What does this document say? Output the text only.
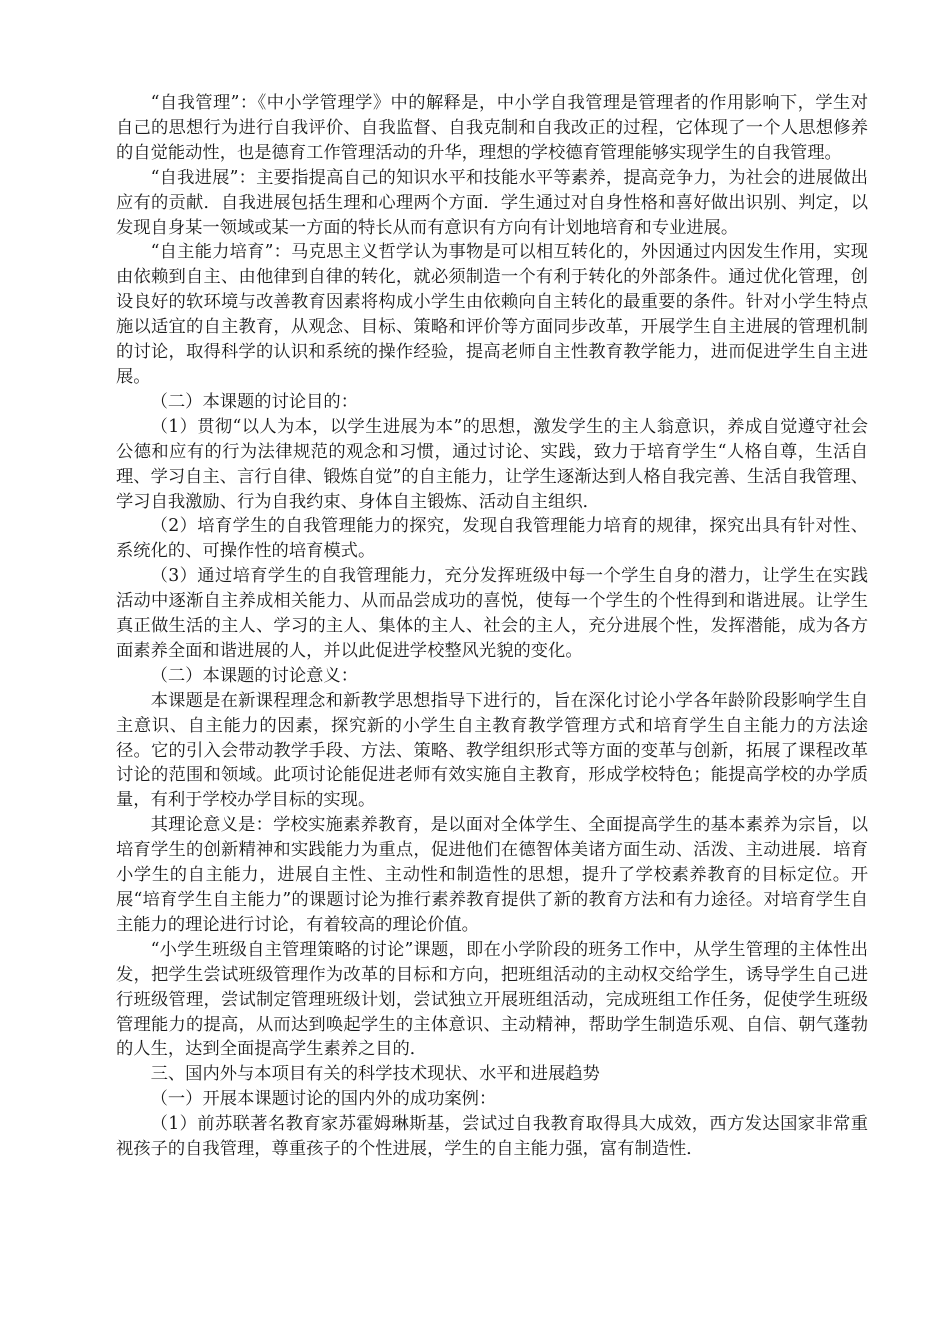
“自我管理”：《中小学管理学》中的解释是，中小学自我管理是管理者的作用影响下，学生对自己的思想行为进行自我评价、自我监督、自我克制和自我改正的过程，它体现了一个人思想修养的自觉能动性，也是德育工作管理活动的升华，理想的学校德育管理能够实现学生的自我管理。

“自我进展”：主要指提高自己的知识水平和技能水平等素养，提高竞争力，为社会的进展做出应有的贡献．自我进展包括生理和心理两个方面．学生通过对自身性格和喜好做出识别、判定，以发现自身某一领域或某一方面的特长从而有意识有方向有计划地培育和专业进展。

“自主能力培育”：马克思主义哲学认为事物是可以相互转化的，外因通过内因发生作用，实现由依赖到自主、由他律到自律的转化，就必须制造一个有利于转化的外部条件。通过优化管理，创设良好的软环境与改善教育因素将构成小学生由依赖向自主转化的最重要的条件。针对小学生特点施以适宜的自主教育，从观念、目标、策略和评价等方面同步改革，开展学生自主进展的管理机制的讨论，取得科学的认识和系统的操作经验，提高老师自主性教育教学能力，进而促进学生自主进展。

（二）本课题的讨论目的：

（1）贯彻“以人为本，以学生进展为本”的思想，激发学生的主人翁意识，养成自觉遵守社会公德和应有的行为法律规范的观念和习惯，通过讨论、实践，致力于培育学生“人格自尊，生活自理、学习自主、言行自律、锻炼自觉”的自主能力，让学生逐渐达到人格自我完善、生活自我管理、学习自我激励、行为自我约束、身体自主锻炼、活动自主组织．

（2）培育学生的自我管理能力的探究，发现自我管理能力培育的规律，探究出具有针对性、系统化的、可操作性的培育模式。

（3）通过培育学生的自我管理能力，充分发挥班级中每一个学生自身的潜力，让学生在实践活动中逐渐自主养成相关能力、从而品尝成功的喜悦，使每一个学生的个性得到和谐进展。让学生真正做生活的主人、学习的主人、集体的主人、社会的主人，充分进展个性，发挥潜能，成为各方面素养全面和谐进展的人，并以此促进学校整风光貌的变化。

（二）本课题的讨论意义：

本课题是在新课程理念和新教学思想指导下进行的，旨在深化讨论小学各年龄阶段影响学生自主意识、自主能力的因素，探究新的小学生自主教育教学管理方式和培育学生自主能力的方法途径。它的引入会带动教学手段、方法、策略、教学组织形式等方面的变革与创新，拓展了课程改革讨论的范围和领域。此项讨论能促进老师有效实施自主教育，形成学校特色；能提高学校的办学质量，有利于学校办学目标的实现。

其理论意义是：学校实施素养教育，是以面对全体学生、全面提高学生的基本素养为宗旨，以培育学生的创新精神和实践能力为重点，促进他们在德智体美诸方面生动、活泼、主动进展．培育小学生的自主能力，进展自主性、主动性和制造性的思想，提升了学校素养教育的目标定位。开展“培育学生自主能力”的课题讨论为推行素养教育提供了新的教育方法和有力途径。对培育学生自主能力的理论进行讨论，有着较高的理论价值。

“小学生班级自主管理策略的讨论”课题，即在小学阶段的班务工作中，从学生管理的主体性出发，把学生尝试班级管理作为改革的目标和方向，把班组活动的主动权交给学生，诱导学生自己进行班级管理，尝试制定管理班级计划，尝试独立开展班组活动，完成班组工作任务，促使学生班级管理能力的提高，从而达到唤起学生的主体意识、主动精神，帮助学生制造乐观、自信、朝气蓬勃的人生，达到全面提高学生素养之目的．

三、国内外与本项目有关的科学技术现状、水平和进展趋势

（一）开展本课题讨论的国内外的成功案例：

（1）前苏联著名教育家苏霍姆琳斯基，尝试过自我教育取得具大成效，西方发达国家非常重视孩子的自我管理，尊重孩子的个性进展，学生的自主能力强，富有制造性．
